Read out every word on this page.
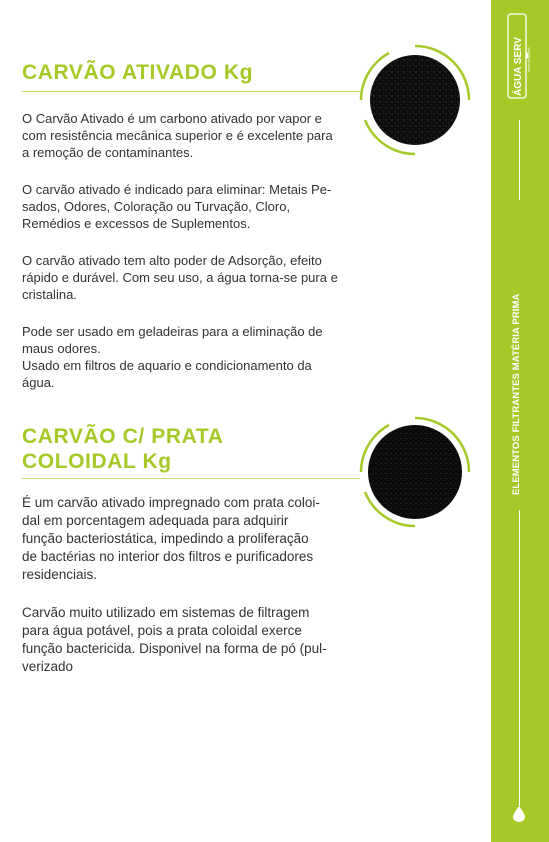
ÁGUA SERV PURIFICADORES
ELEMENTOS FILTRANTES MATÉRIA PRIMA
CARVÃO ATIVADO Kg

O Carvão Ativado é um carbono ativado por vapor e
com resistência mecânica superior e é excelente para
a remoção de contaminantes.

O carvão ativado é indicado para eliminar: Metais Pe-
sados, Odores, Coloração ou Turvação, Cloro,
Remédios e excessos de Suplementos.

O carvão ativado tem alto poder de Adsorção, efeito
rápido e durável. Com seu uso, a água torna-se pura e
cristalina.

Pode ser usado em geladeiras para a eliminação de
maus odores.
Usado em filtros de aquario e condicionamento da
água.

CARVÃO C/ PRATA
COLOIDAL Kg

É um carvão ativado impregnado com prata coloi-
dal em porcentagem adequada para adquirir
função bacteriostática, impedindo a proliferação
de bactérias no interior dos filtros e purificadores
residenciais.

Carvão muito utilizado em sistemas de filtragem
para água potável, pois a prata coloidal exerce
função bactericida. Disponivel na forma de pó (pul-
verizado
